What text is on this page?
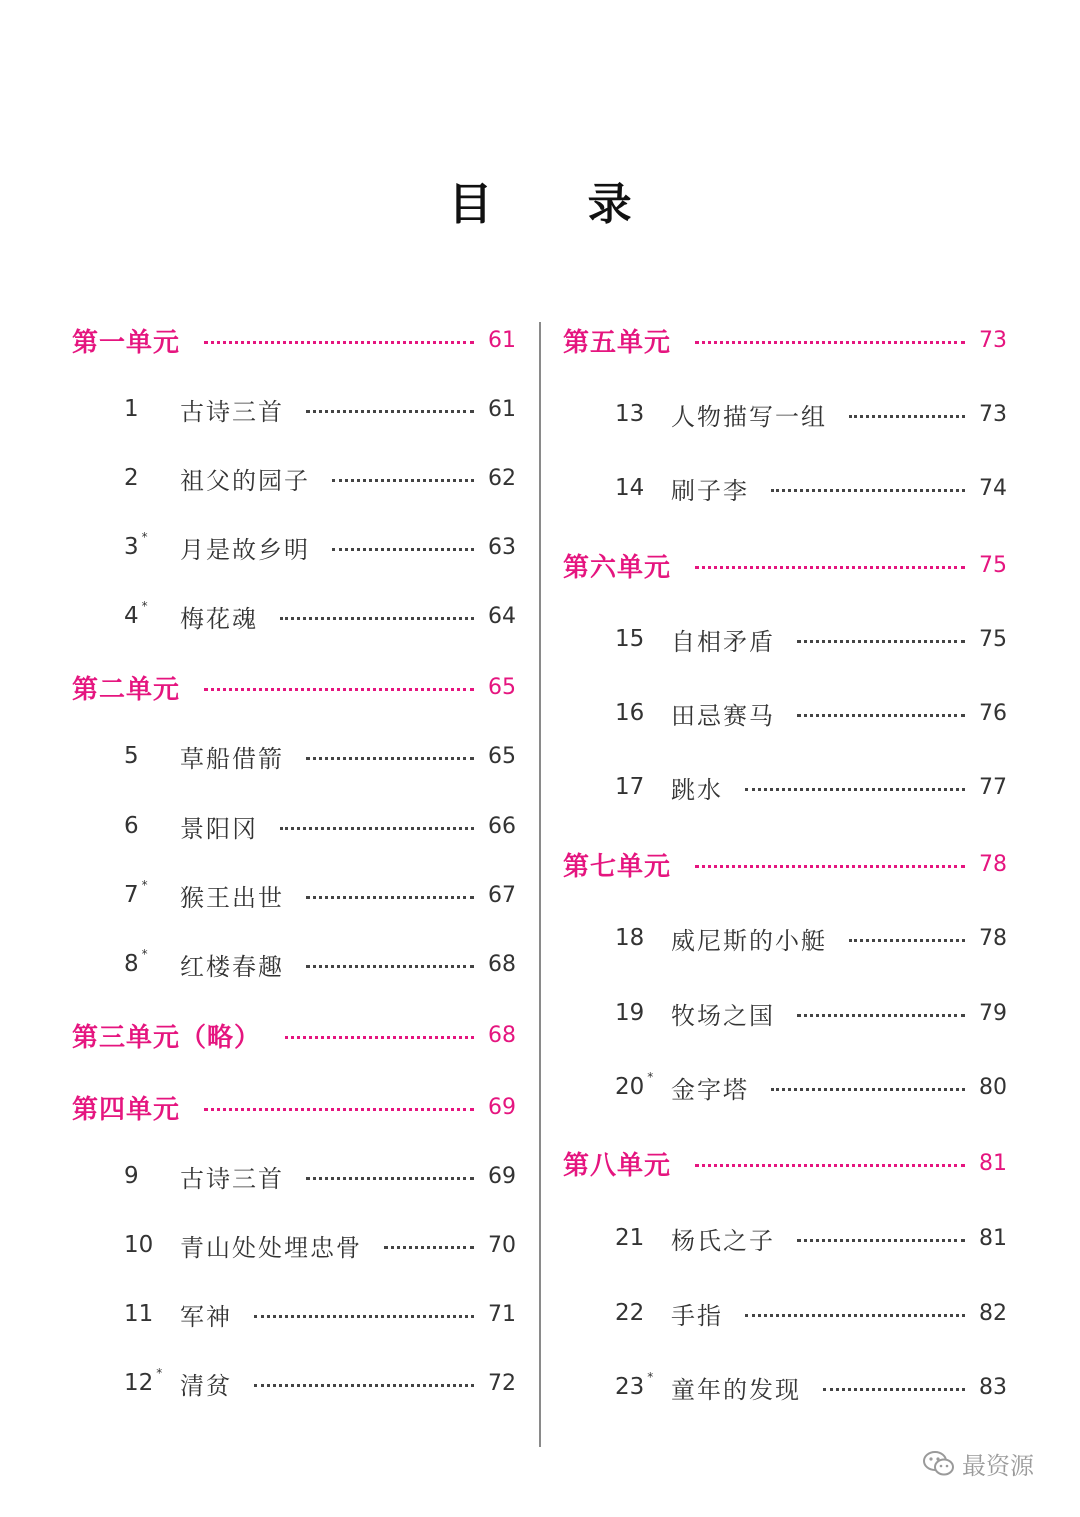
目 录
第一单元	61
1	古诗三首	61
2	祖父的园子	62
3 *	月是故乡明	63
4 *	梅花魂	64
第二单元	65
5	草船借箭	65
6	景阳冈	66
7 *	猴王出世	67
8 *	红楼春趣	68
第三单元（略）	68
第四单元	69
9	古诗三首	69
10	青山处处埋忠骨	70
11	军神	71
12 * 清贫	72
第五单元	73
13	人物描写一组	73
14	刷子李	74
第六单元	75
15	自相矛盾	75
16	田忌赛马	76
17	跳水	77
第七单元	78
18	威尼斯的小艇	78
19	牧场之国	79
20 * 金字塔	80
第八单元	81
21	杨氏之子	81
22	手指	82
23 * 童年的发现	83
最资源
